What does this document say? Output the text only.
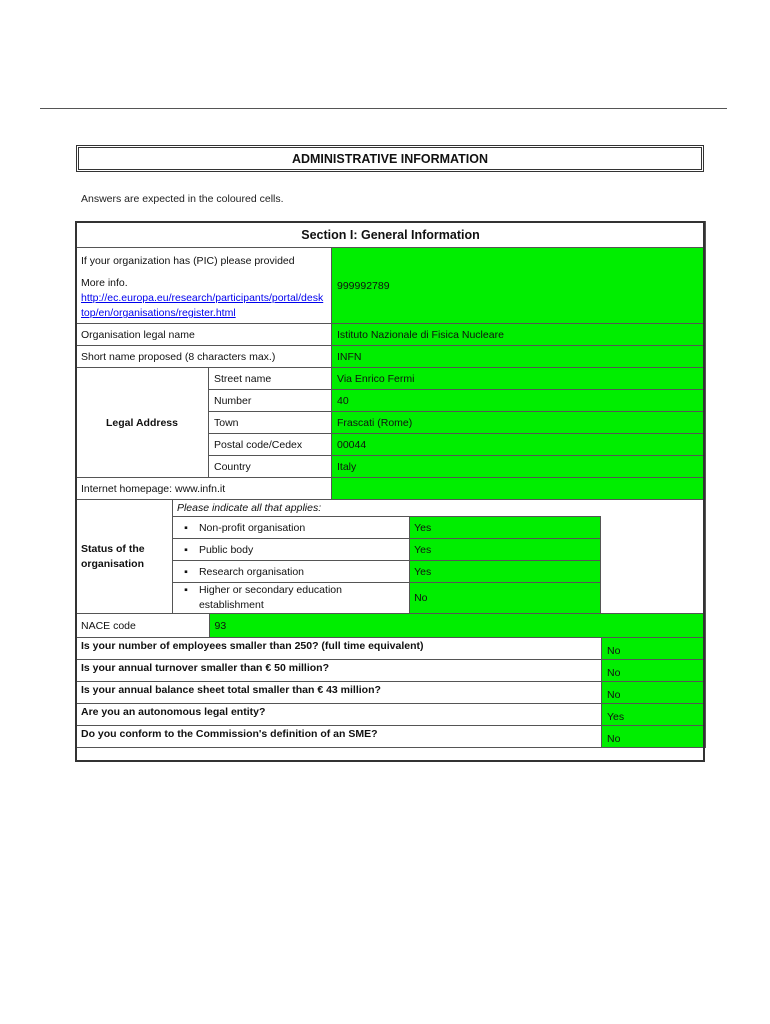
ADMINISTRATIVE INFORMATION
Answers are expected in the coloured cells.
Section I: General Information

If your organization has (PIC) please provided
More info.
http://ec.europa.eu/research/participants/portal/desktop/en/organisations/register.html	999992789
Organisation legal name	Istituto Nazionale di Fisica Nucleare
Short name proposed (8 characters max.)	INFN
Legal Address	Street name	Via Enrico Fermi
Number	40
Town	Frascati (Rome)
Postal code/Cedex	00044
Country	Italy
Internet homepage: www.infn.it	

Status of the organisation	Please indicate all that applies:
▪ Non-profit organisation	Yes	
▪ Public body	Yes	
▪ Research organisation	Yes	
▪ Higher or secondary education establishment	No	

NACE code	93

Is your number of employees smaller than 250? (full time equivalent)	No
Is your annual turnover smaller than € 50 million?	No
Is your annual balance sheet total smaller than € 43 million?	No
Are you an autonomous legal entity?	Yes
Do you conform to the Commission's definition of an SME?	No
